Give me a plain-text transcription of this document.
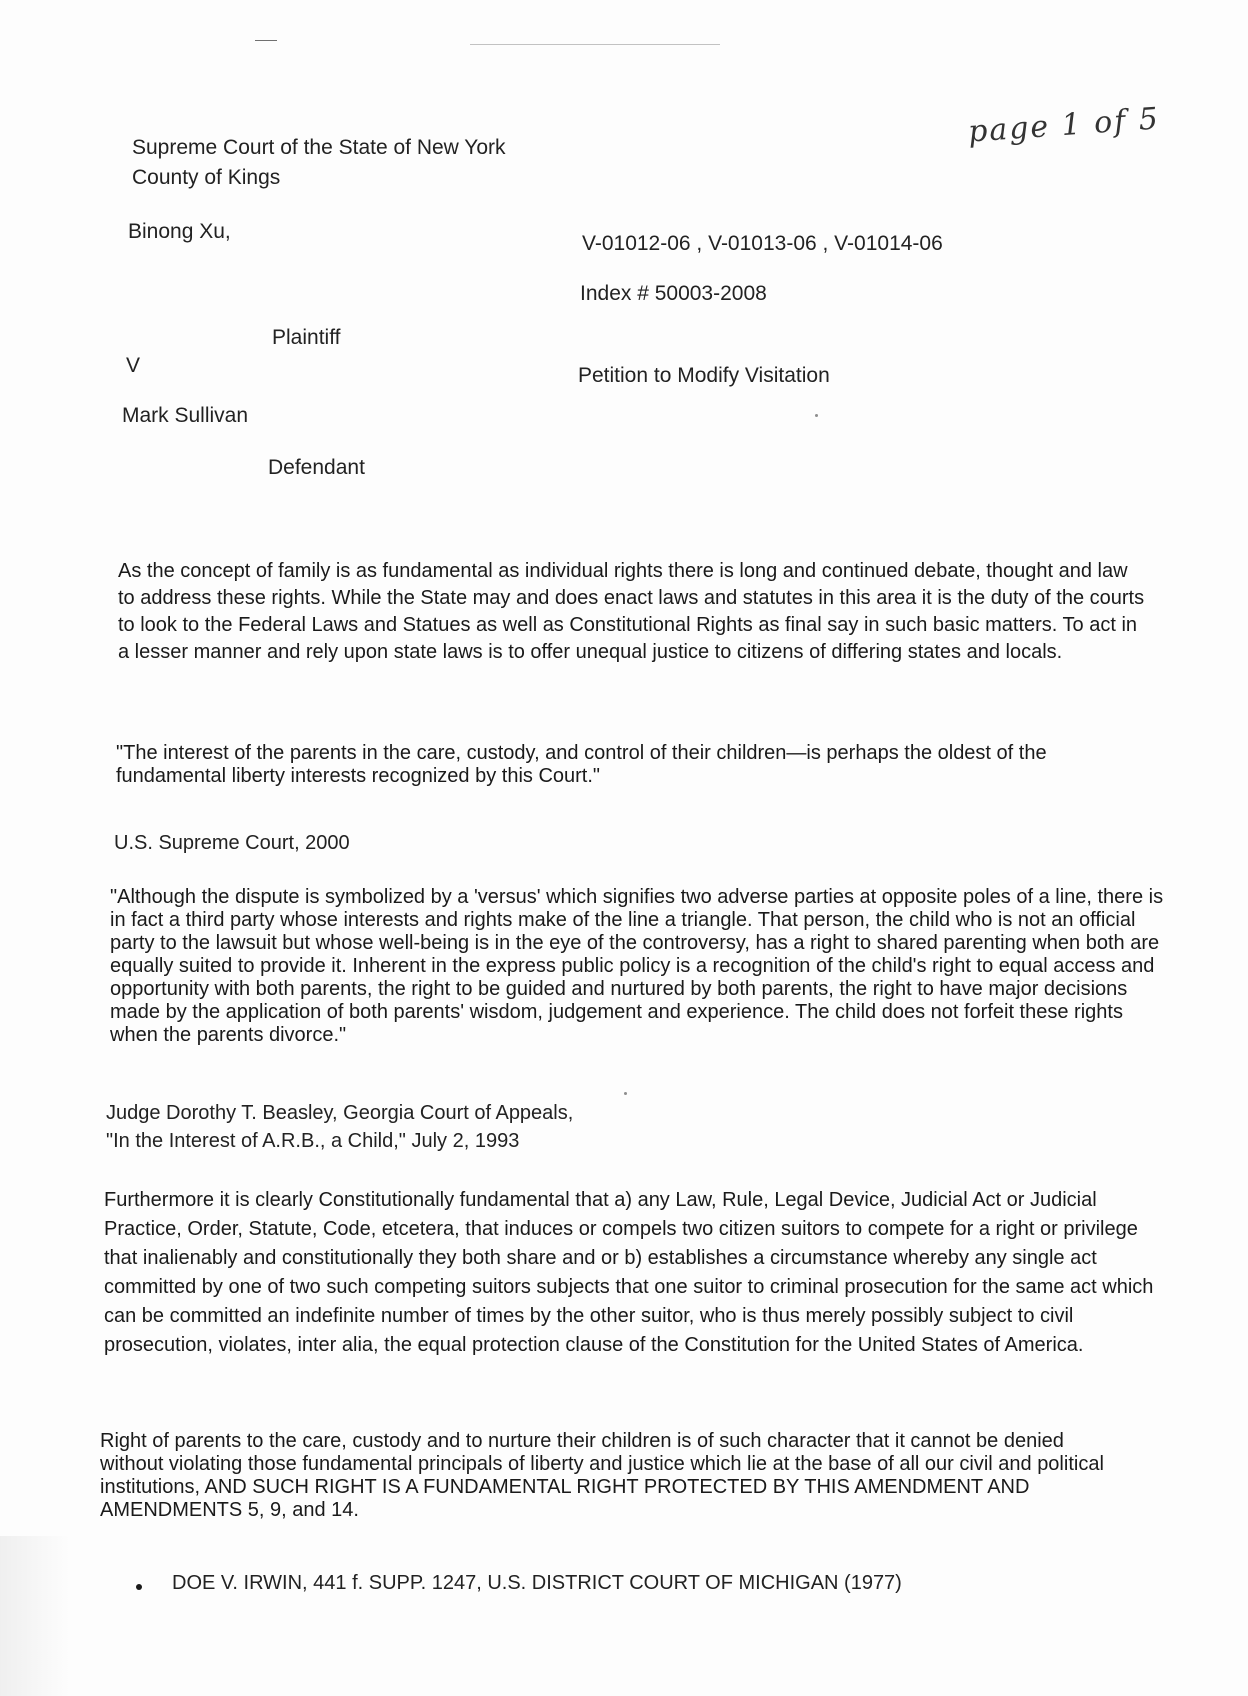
page 1 of 5
Supreme Court of the State of New York
County of Kings
Binong Xu,
Plaintiff
V
Mark Sullivan
Defendant
V-01012-06 , V-01013-06 , V-01014-06
Index # 50003-2008
Petition to Modify Visitation
As the concept of family is as fundamental as individual rights there is long and continued debate, thought and law to address these rights. While the State may and does enact laws and statutes in this area it is the duty of the courts to look to the Federal Laws and Statues as well as Constitutional Rights as final say in such basic matters. To act in a lesser manner and rely upon state laws is to offer unequal justice to citizens of differing states and locals.
"The interest of the parents in the care, custody, and control of their children—is perhaps the oldest of the fundamental liberty interests recognized by this Court."
U.S. Supreme Court, 2000
"Although the dispute is symbolized by a 'versus' which signifies two adverse parties at opposite poles of a line, there is in fact a third party whose interests and rights make of the line a triangle. That person, the child who is not an official party to the lawsuit but whose well-being is in the eye of the controversy, has a right to shared parenting when both are equally suited to provide it. Inherent in the express public policy is a recognition of the child's right to equal access and opportunity with both parents, the right to be guided and nurtured by both parents, the right to have major decisions made by the application of both parents' wisdom, judgement and experience. The child does not forfeit these rights when the parents divorce."
Judge Dorothy T. Beasley, Georgia Court of Appeals,
"In the Interest of A.R.B., a Child," July 2, 1993
Furthermore it is clearly Constitutionally fundamental that a) any Law, Rule, Legal Device, Judicial Act or Judicial Practice, Order, Statute, Code, etcetera, that induces or compels two citizen suitors to compete for a right or privilege that inalienably and constitutionally they both share and or b) establishes a circumstance whereby any single act committed by one of two such competing suitors subjects that one suitor to criminal prosecution for the same act which can be committed an indefinite number of times by the other suitor, who is thus merely possibly subject to civil prosecution, violates, inter alia, the equal protection clause of the Constitution for the United States of America.
Right of parents to the care, custody and to nurture their children is of such character that it cannot be denied without violating those fundamental principals of liberty and justice which lie at the base of all our civil and political institutions, AND SUCH RIGHT IS A FUNDAMENTAL RIGHT PROTECTED BY THIS AMENDMENT AND AMENDMENTS 5, 9, and 14.
DOE V. IRWIN, 441 f. SUPP. 1247, U.S. DISTRICT COURT OF MICHIGAN (1977)
